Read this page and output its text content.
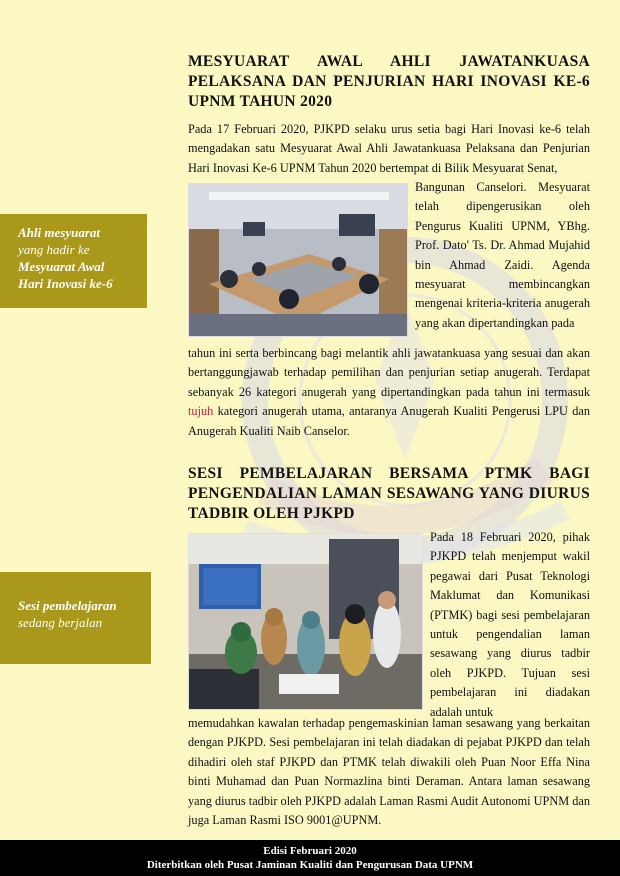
MESYUARAT AWAL AHLI JAWATANKUASA
PELAKSANA DAN PENJURIAN HARI INOVASI KE-6
UPNM TAHUN 2020

Pada 17 Februari 2020, PJKPD selaku urus setia bagi Hari Inovasi ke-6 telah mengadakan satu Mesyuarat Awal Ahli Jawatankuasa Pelaksana dan Penjurian Hari Inovasi Ke-6 UPNM Tahun 2020 bertempat di Bilik Mesyuarat Senat,

Bangunan Canselori. Mesyuarat telah dipengerusikan oleh Pengurus Kualiti UPNM, YBhg. Prof. Dato' Ts. Dr. Ahmad Mujahid bin Ahmad Zaidi. Agenda mesyuarat membincangkan mengenai kriteria-kriteria anugerah yang akan dipertandingkan pada

tahun ini serta berbincang bagi melantik ahli jawatankuasa yang sesuai dan akan bertanggungjawab terhadap pemilihan dan penjurian setiap anugerah. Terdapat sebanyak 26 kategori anugerah yang dipertandingkan pada tahun ini termasuk tujuh kategori anugerah utama, antaranya Anugerah Kualiti Pengerusi LPU dan Anugerah Kualiti Naib Canselor.

Ahli mesyuarat
yang hadir ke
Mesyuarat Awal
Hari Inovasi ke-6
SESI PEMBELAJARAN BERSAMA PTMK BAGI
PENGENDALIAN LAMAN SESAWANG YANG DIURUS
TADBIR OLEH PJKPD

Pada 18 Februari 2020, pihak PJKPD telah menjemput wakil pegawai dari Pusat Teknologi Maklumat dan Komunikasi (PTMK) bagi sesi pembelajaran untuk pengendalian laman sesawang yang diurus tadbir oleh PJKPD. Tujuan sesi pembelajaran ini diadakan adalah untuk

memudahkan kawalan terhadap pengemaskinian laman sesawang yang berkaitan dengan PJKPD. Sesi pembelajaran ini telah diadakan di pejabat PJKPD dan telah dihadiri oleh staf PJKPD dan PTMK telah diwakili oleh Puan Noor Effa Nina binti Muhamad dan Puan Normazlina binti Deraman. Antara laman sesawang yang diurus tadbir oleh PJKPD adalah Laman Rasmi Audit Autonomi UPNM dan juga Laman Rasmi ISO 9001@UPNM.

Sesi pembelajaran
sedang berjalan
Edisi Februari 2020
Diterbitkan oleh Pusat Jaminan Kualiti dan Pengurusan Data UPNM
